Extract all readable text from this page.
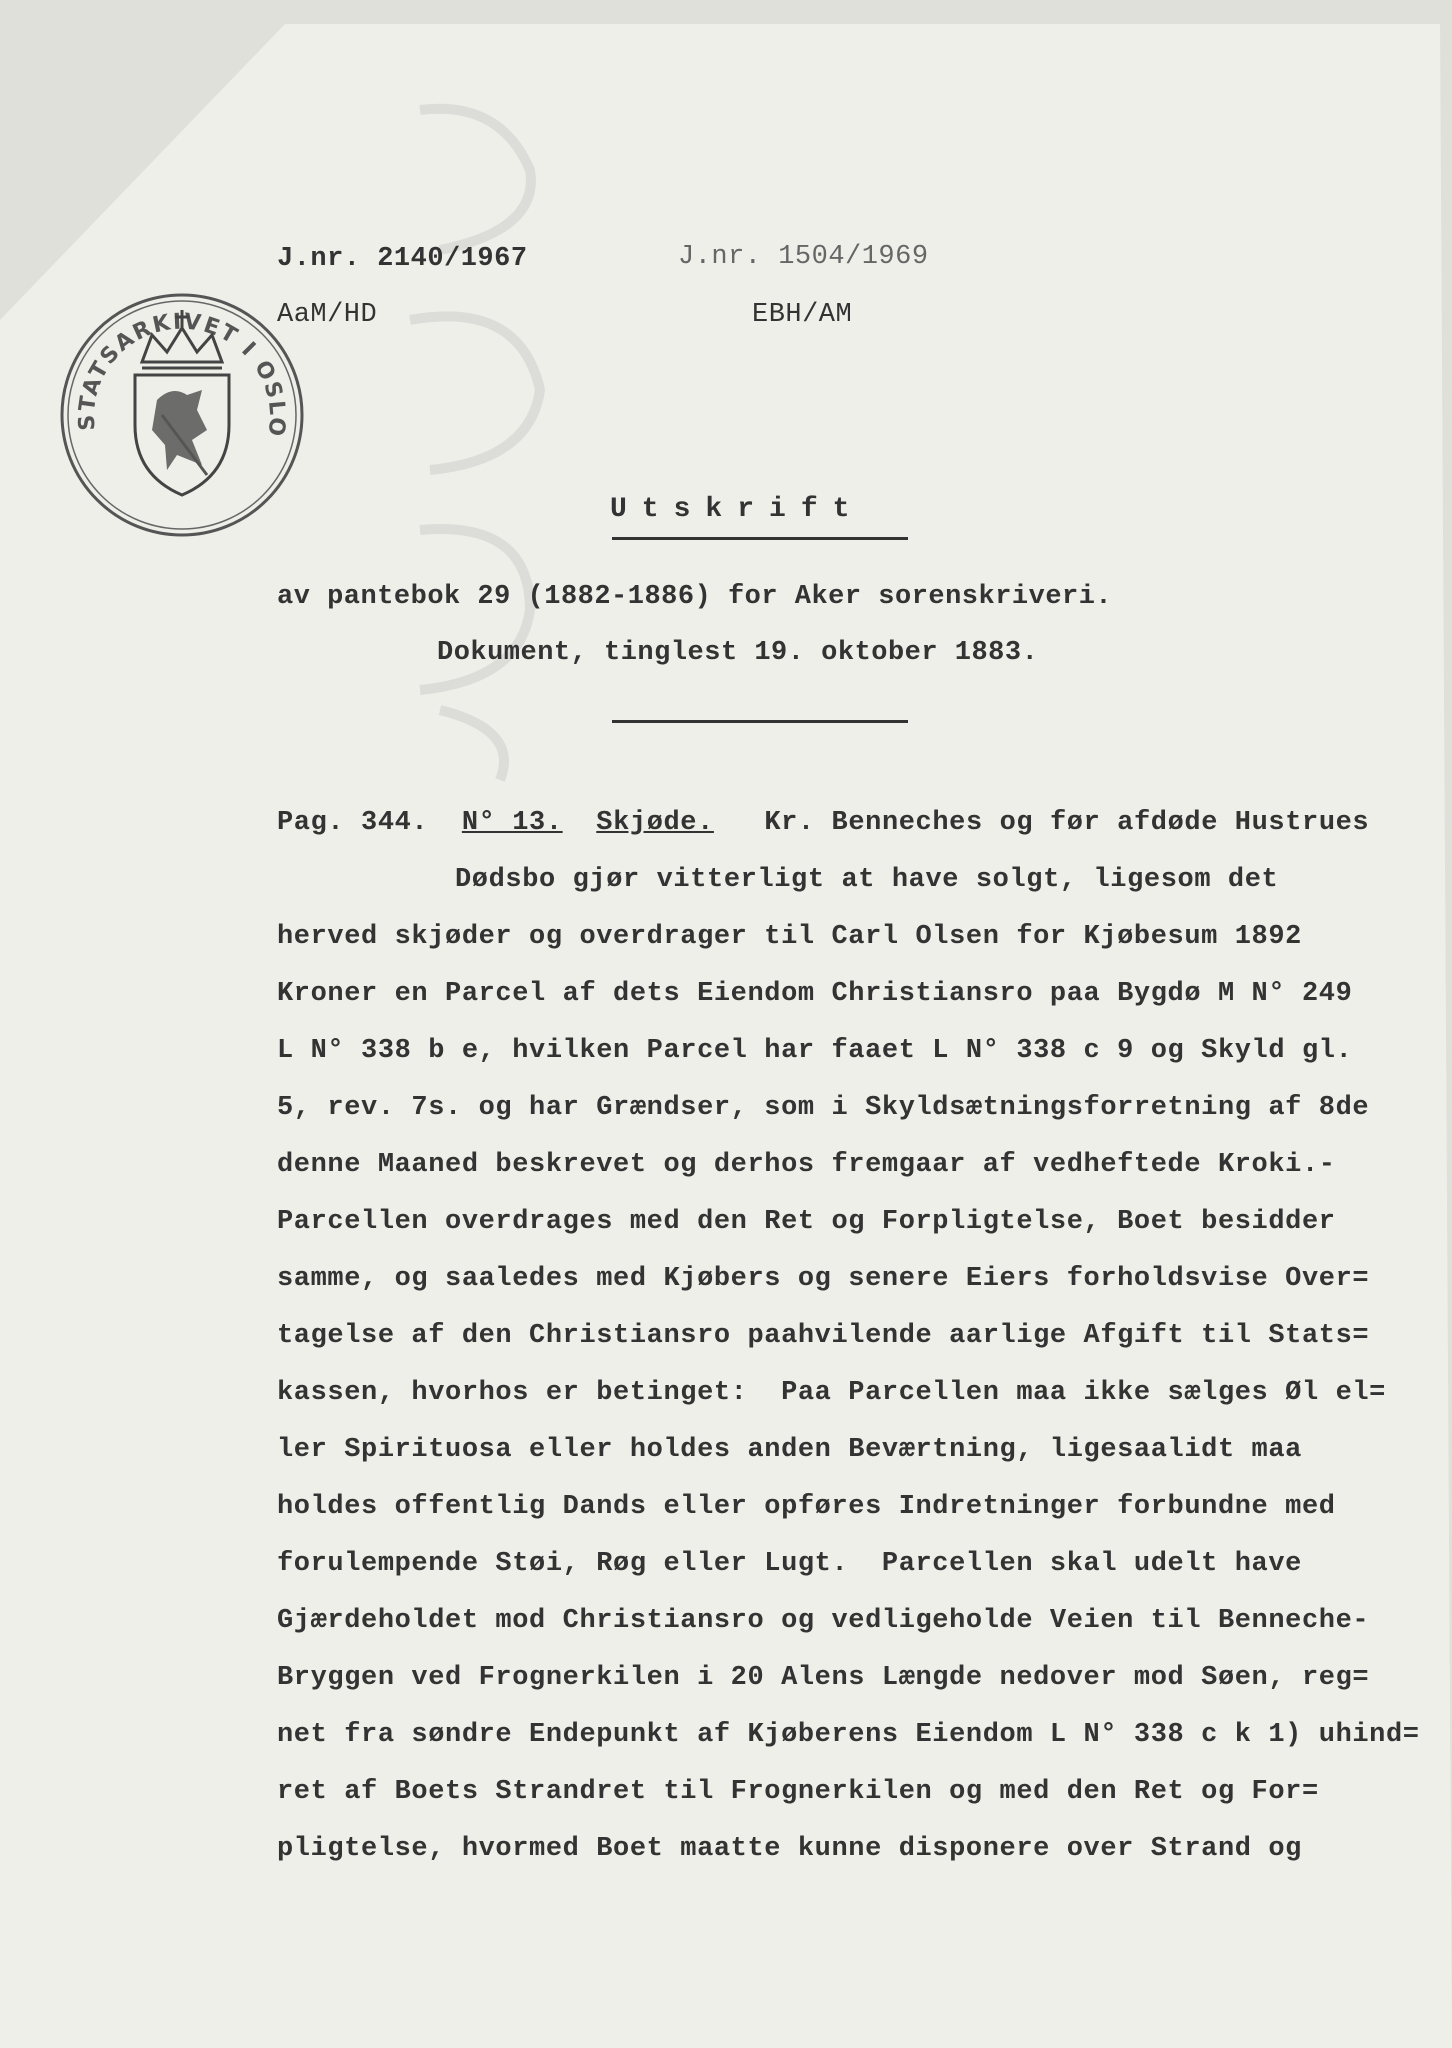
J.nr. 2140/1967	J.nr. 1504/1969
AaM/HD	EBH/AM
STATSARKIVET I OSLO
Utskrift
av pantebok 29 (1882-1886) for Aker sorenskriveri.
Dokument, tinglest 19. oktober 1883.
Pag. 344. N° 13. Skjøde. Kr. Benneches og før afdøde Hustrues
Dødsbo gjør vitterligt at have solgt, ligesom det
herved skjøder og overdrager til Carl Olsen for Kjøbesum 1892
Kroner en Parcel af dets Eiendom Christiansro paa Bygdø M N° 249
L N° 338 b e, hvilken Parcel har faaet L N° 338 c 9 og Skyld gl.
5, rev. 7s. og har Grændser, som i Skyldsætningsforretning af 8de
denne Maaned beskrevet og derhos fremgaar af vedheftede Kroki.-
Parcellen overdrages med den Ret og Forpligtelse, Boet besidder
samme, og saaledes med Kjøbers og senere Eiers forholdsvise Over=
tagelse af den Christiansro paahvilende aarlige Afgift til Stats=
kassen, hvorhos er betinget:  Paa Parcellen maa ikke sælges Øl el=
ler Spirituosa eller holdes anden Beværtning, ligesaalidt maa
holdes offentlig Dands eller opføres Indretninger forbundne med
forulempende Støi, Røg eller Lugt.  Parcellen skal udelt have
Gjærdeholdet mod Christiansro og vedligeholde Veien til Benneche-
Bryggen ved Frognerkilen i 20 Alens Længde nedover mod Søen, reg=
net fra søndre Endepunkt af Kjøberens Eiendom L N° 338 c k 1) uhind=
ret af Boets Strandret til Frognerkilen og med den Ret og For=
pligtelse, hvormed Boet maatte kunne disponere over Strand og
